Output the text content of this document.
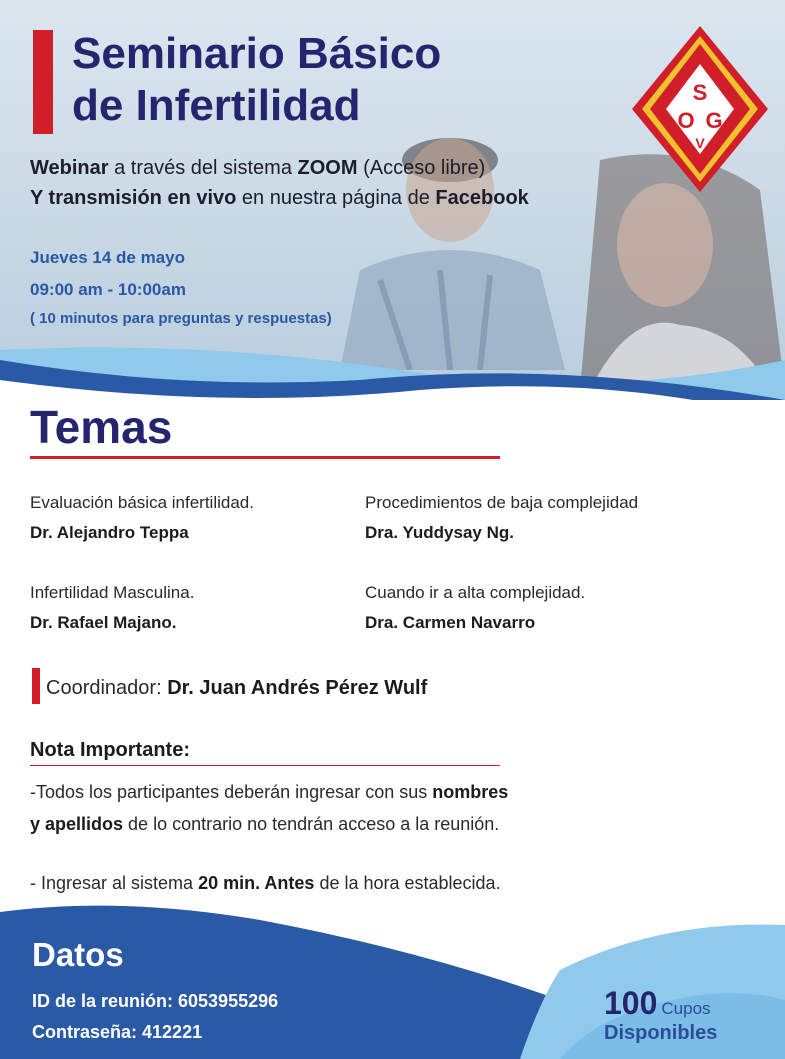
Seminario Básico
de Infertilidad	S
O G
V
Webinar a través del sistema ZOOM (Acceso libre)
Y transmisión en vivo en nuestra página de Facebook
Jueves 14 de mayo
09:00 am - 10:00am
( 10 minutos para preguntas y respuestas)
Temas
Evaluación básica infertilidad.
Dr. Alejandro Teppa
Procedimientos de baja complejidad
Dra. Yuddysay Ng.
Infertilidad Masculina.
Dr. Rafael Majano.
Cuando ir a alta complejidad.
Dra. Carmen Navarro
Coordinador: Dr. Juan Andrés Pérez Wulf
Nota Importante:
-Todos los participantes deberán ingresar con sus nombres
y apellidos de lo contrario no tendrán acceso a la reunión.
- Ingresar al sistema 20 min. Antes de la hora establecida.
Datos
ID de la reunión: 6053955296
Contraseña: 412221
100 Cupos
Disponibles
